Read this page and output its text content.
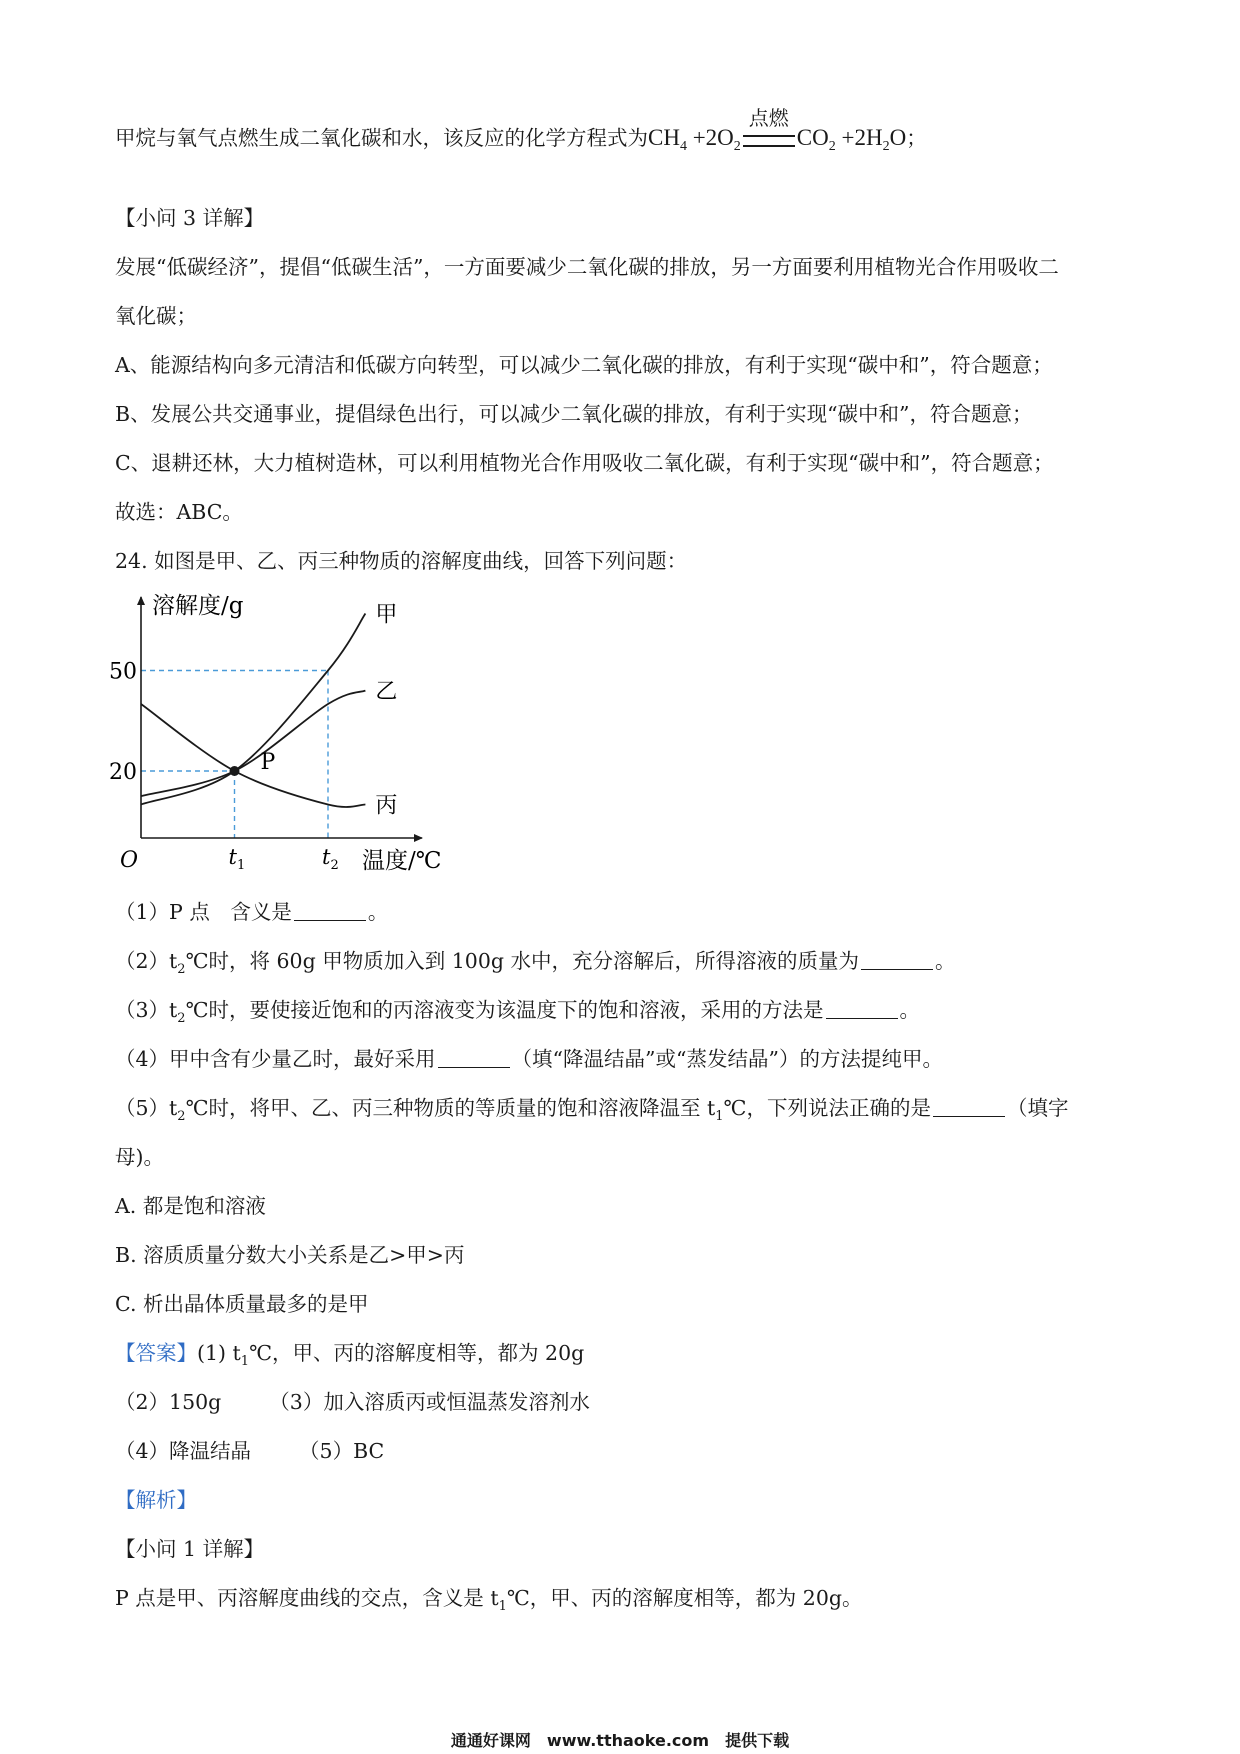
甲烷与氧气点燃生成二氧化碳和水，该反应的化学方程式为$CH_4 +2O_2$
点燃
$CO_2 +2H_2O$；
【小问 3 详解】
发展“低碳经济”，提倡“低碳生活”，一方面要减少二氧化碳的排放，另一方面要利用植物光合作用吸收二
氧化碳；
A、能源结构向多元清洁和低碳方向转型，可以减少二氧化碳的排放，有利于实现“碳中和”，符合题意；
B、发展公共交通事业，提倡绿色出行，可以减少二氧化碳的排放，有利于实现“碳中和”，符合题意；
C、退耕还林，大力植树造林，可以利用植物光合作用吸收二氧化碳，有利于实现“碳中和”，符合题意；
故选：ABC。
24. 如图是甲、乙、丙三种物质的溶解度曲线，回答下列问题：
溶解度/g
温度/℃
O
20
50
$t_1$	$t_2$
甲
乙
丙
P
（1）P 点　含义是	。
$(2)t_2℃$时，将 60g 甲物质加入到 100g 水中，充分溶解后，所得溶液的质量为	。
$(3)t_2℃$时，要使接近饱和的丙溶液变为该温度下的饱和溶液，采用的方法是	。
（4）甲中含有少量乙时，最好采用	（填“降温结晶”或“蒸发结晶”）的方法提纯甲。
$(5)t_2℃$时，将甲、乙、丙三种物质的等质量的饱和溶液降温至 $t_1℃$，下列说法正确的是	（填字
母)。
A. 都是饱和溶液
B. 溶质质量分数大小关系是乙>甲>丙
C. 析出晶体质量最多的是甲
【答案】(1) $t_1℃$，甲、丙的溶解度相等，都为 20g
（2）150g （3）加入溶质丙或恒温蒸发溶剂水
（4）降温结晶 （5）BC
【解析】
【小问 1 详解】
P 点是甲、丙溶解度曲线的交点，含义是 $t_1℃$，甲、丙的溶解度相等，都为 20g。
通通好课网　www.tthaoke.com　提供下载
